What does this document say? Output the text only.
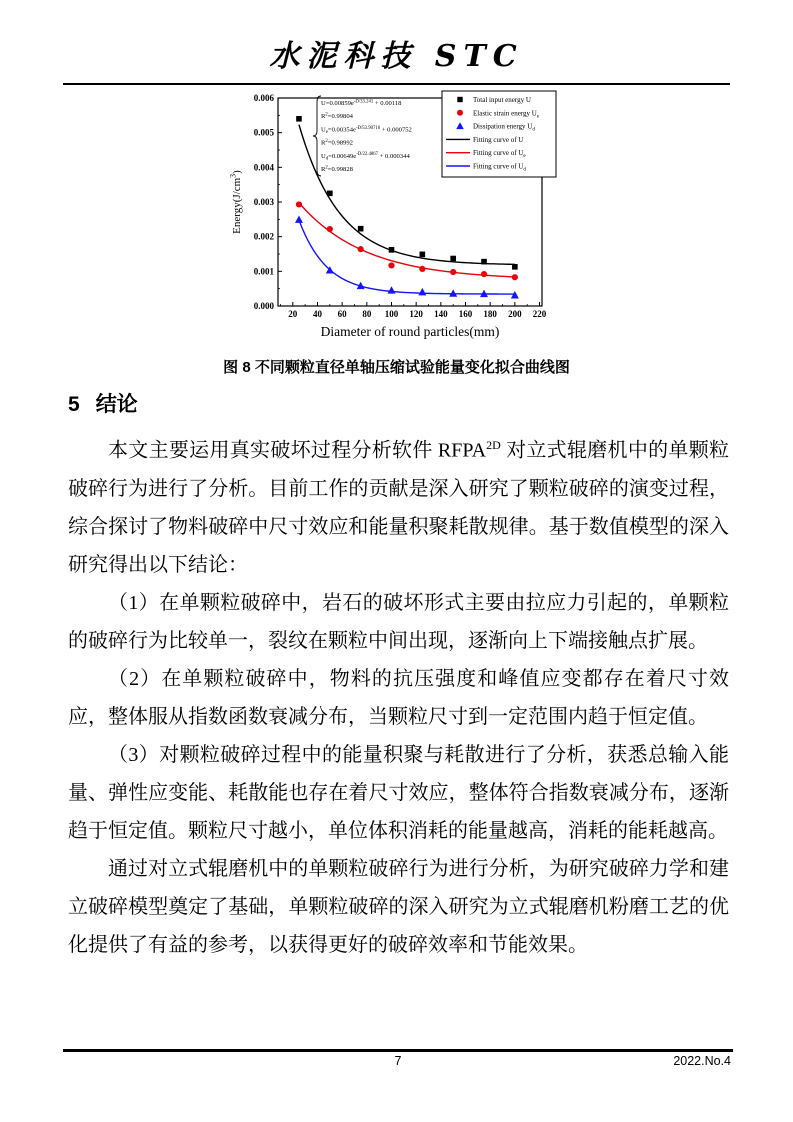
水泥科技 STC
20 40 60 80 100 120 140 160 180 200 220
0.000
0.001
0.002
0.003
0.004
0.005
0.006
$Energy(J/cm^3)$
Diameter of round particles(mm)
$U=0.00859e^{-D/33.241} + 0.00118$
$R^2=0.99804$
$U_e=0.00354e^{-D/53.90716} + 0.000752$
$R^2=0.98992$
$U_d=0.00649e^{-D/22.4867} + 0.000344$
$R^2=0.99828$
Total input energy U
Elastic strain energy $U_e$
Dissipation energy $U_d$
Fitting curve of U
Fitting curve of $U_e$
Fitting curve of $U_d$
图 8 不同颗粒直径单轴压缩试验能量变化拟合曲线图
5 结论

本文主要运用真实破坏过程分析软件 $RFPA^{2D}$ 对立式辊磨机中的单颗粒破碎行为进行了分析。目前工作的贡献是深入研究了颗粒破碎的演变过程，综合探讨了物料破碎中尺寸效应和能量积聚耗散规律。基于数值模型的深入研究得出以下结论：

（1）在单颗粒破碎中，岩石的破坏形式主要由拉应力引起的，单颗粒的破碎行为比较单一，裂纹在颗粒中间出现，逐渐向上下端接触点扩展。

（2）在单颗粒破碎中，物料的抗压强度和峰值应变都存在着尺寸效应，整体服从指数函数衰减分布，当颗粒尺寸到一定范围内趋于恒定值。

（3）对颗粒破碎过程中的能量积聚与耗散进行了分析，获悉总输入能量、弹性应变能、耗散能也存在着尺寸效应，整体符合指数衰减分布，逐渐趋于恒定值。颗粒尺寸越小，单位体积消耗的能量越高，消耗的能耗越高。

通过对立式辊磨机中的单颗粒破碎行为进行分析，为研究破碎力学和建立破碎模型奠定了基础，单颗粒破碎的深入研究为立式辊磨机粉磨工艺的优化提供了有益的参考，以获得更好的破碎效率和节能效果。

7	2022.No.4
